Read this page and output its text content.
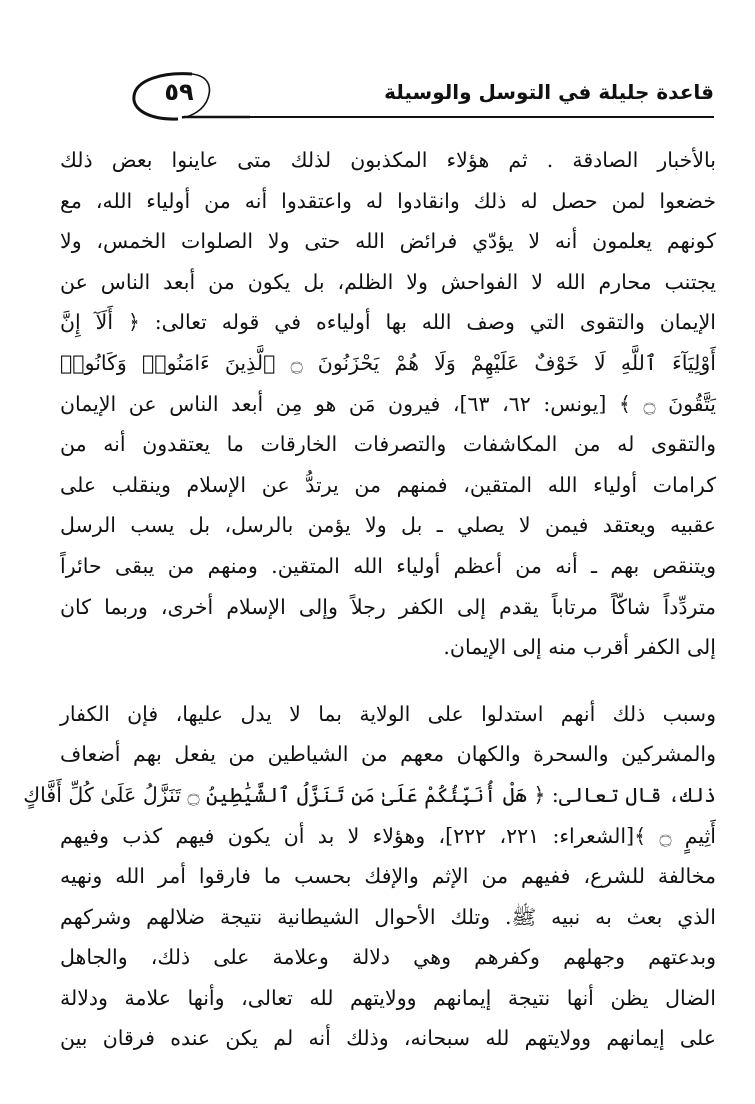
٥٩	قاعدة جليلة في التوسل والوسيلة
بالأخبار الصادقة . ثم هؤلاء المكذبون لذلك متى عاينوا بعض ذلك
خضعوا لمن حصل له ذلك وانقادوا له واعتقدوا أنه من أولياء الله، مع
كونهم يعلمون أنه لا يؤدّي فرائض الله حتى ولا الصلوات الخمس، ولا
يجتنب محارم الله لا الفواحش ولا الظلم، بل يكون من أبعد الناس عن
الإيمان والتقوى التي وصف الله بها أولياءه في قوله تعالى: ﴿ أَلَآ إِنَّ
أَوْلِيَآءَ ٱللَّهِ لَا خَوْفٌ عَلَيْهِمْ وَلَا هُمْ يَحْزَنُونَ ۝ ٱلَّذِينَ ءَامَنُوا۟ وَكَانُوا۟
يَتَّقُونَ ۝ ﴾ [يونس: ٦٢، ٦٣]، فيرون مَن هو مِن أبعد الناس عن الإيمان
والتقوى له من المكاشفات والتصرفات الخارقات ما يعتقدون أنه من
كرامات أولياء الله المتقين، فمنهم من يرتدُّ عن الإسلام وينقلب على
عقبيه ويعتقد فيمن لا يصلي ـ بل ولا يؤمن بالرسل، بل يسب الرسل
ويتنقص بهم ـ أنه من أعظم أولياء الله المتقين. ومنهم من يبقى حائراً
متردِّداً شاكّاً مرتاباً يقدم إلى الكفر رجلاً وإلى الإسلام أخرى، وربما كان
إلى الكفر أقرب منه إلى الإيمان.
وسبب ذلك أنهم استدلوا على الولاية بما لا يدل عليها، فإن الكفار
والمشركين والسحرة والكهان معهم من الشياطين من يفعل بهم أضعاف
ذلك، قال تعالى: ﴿ هَلْ أُنَبِّئُكُمْ عَلَىٰ مَن تَنَزَّلُ ٱلشَّيَٰطِينُ ۝ تَنَزَّلُ عَلَىٰ كُلِّ أَفَّاكٍ
أَثِيمٍ ۝ ﴾[الشعراء: ٢٢١، ٢٢٢]، وهؤلاء لا بد أن يكون فيهم كذب وفيهم
مخالفة للشرع، ففيهم من الإثم والإفك بحسب ما فارقوا أمر الله ونهيه
الذي بعث به نبيه ﷺ. وتلك الأحوال الشيطانية نتيجة ضلالهم وشركهم
وبدعتهم وجهلهم وكفرهم وهي دلالة وعلامة على ذلك، والجاهل
الضال يظن أنها نتيجة إيمانهم وولايتهم لله تعالى، وأنها علامة ودلالة
على إيمانهم وولايتهم لله سبحانه، وذلك أنه لم يكن عنده فرقان بين
